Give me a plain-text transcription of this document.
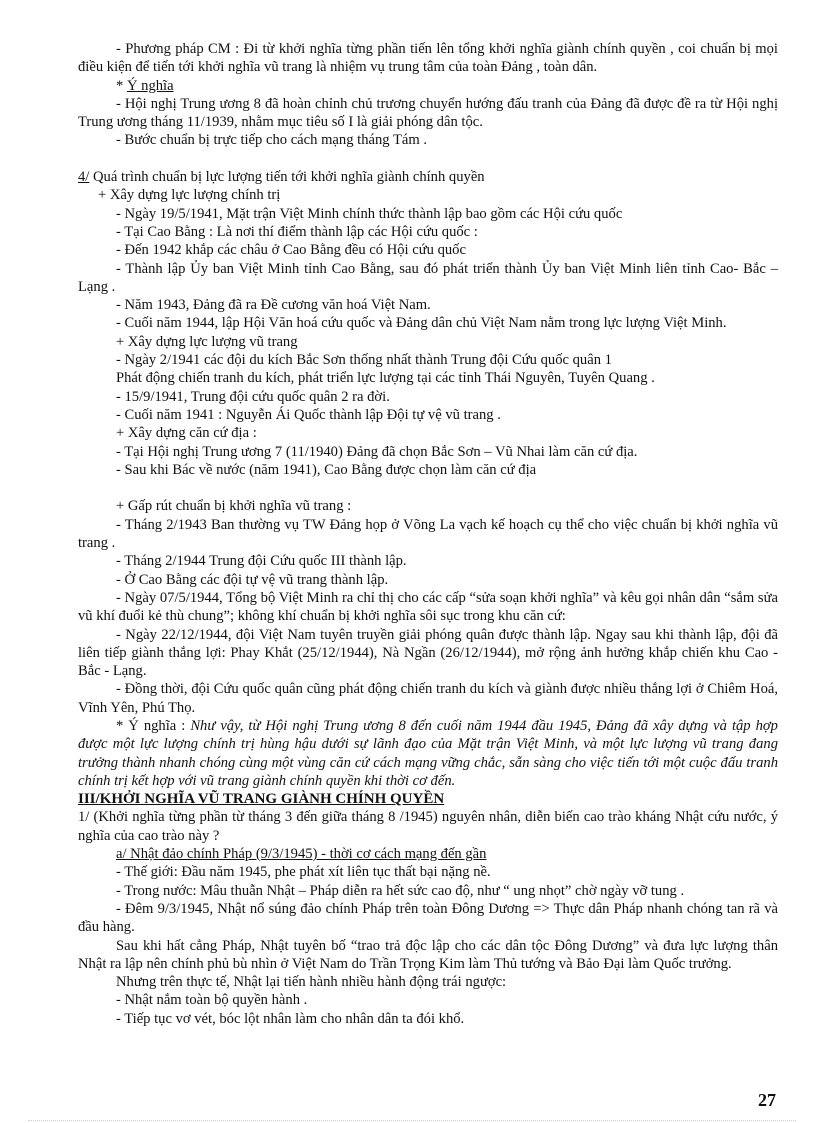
- Phương pháp CM : Đi từ khởi nghĩa từng phần tiến lên tổng khởi nghĩa giành chính quyền , coi chuẩn bị mọi điều kiện để tiến tới khởi nghĩa vũ trang là nhiệm vụ trung tâm của toàn Đảng , toàn dân.

* Ý nghĩa

- Hội nghị Trung ương 8 đã hoàn chỉnh chủ trương chuyển hướng đấu tranh của Đảng đã được đề ra từ Hội nghị Trung ương tháng 11/1939, nhằm mục tiêu số I là giải phóng dân tộc.

- Bước chuẩn bị trực tiếp cho cách mạng tháng Tám .

4/ Quá trình chuẩn bị lực lượng tiến tới khởi nghĩa giành chính quyền

+ Xây dựng lực lượng chính trị

- Ngày 19/5/1941, Mặt trận Việt Minh chính thức thành lập bao gồm các Hội cứu quốc

- Tại Cao Bằng : Là nơi thí điểm thành lập các Hội cứu quốc :

- Đến 1942 khắp các châu ở Cao Bằng đều có Hội cứu quốc

- Thành lập Ủy ban Việt Minh tỉnh Cao Bằng, sau đó phát triển thành Ủy ban Việt Minh liên tỉnh Cao- Bắc – Lạng .

- Năm 1943, Đảng đã ra Đề cương văn hoá Việt Nam.

- Cuối năm 1944, lập Hội Văn hoá cứu quốc và Đảng dân chủ Việt Nam nằm trong lực lượng Việt Minh.

+ Xây dựng lực lượng vũ trang

- Ngày 2/1941 các đội du kích Bắc Sơn thống nhất thành Trung đội Cứu quốc quân 1

Phát động chiến tranh du kích, phát triển lực lượng tại các tỉnh Thái Nguyên, Tuyên Quang .

- 15/9/1941, Trung đội cứu quốc quân 2 ra đời.

- Cuối năm 1941 : Nguyễn Ái Quốc thành lập Đội tự vệ vũ trang .

+ Xây dựng căn cứ địa :

- Tại Hội nghị Trung ương 7 (11/1940) Đảng đã chọn Bắc Sơn – Vũ Nhai làm căn cứ địa.

- Sau khi Bác về nước (năm 1941), Cao Bằng được chọn làm căn cứ địa

+ Gấp rút chuẩn bị khởi nghĩa vũ trang :

- Tháng 2/1943 Ban thường vụ TW Đảng họp ở Võng La vạch kế hoạch cụ thể cho việc chuẩn bị khởi nghĩa vũ trang .

- Tháng 2/1944 Trung đội Cứu quốc III thành lập.

- Ở Cao Bằng các đội tự vệ vũ trang thành lập.

- Ngày 07/5/1944, Tổng bộ Việt Minh ra chỉ thị cho các cấp “sửa soạn khởi nghĩa” và kêu gọi nhân dân “sắm sửa vũ khí đuổi kẻ thù chung”; không khí chuẩn bị khởi nghĩa sôi sục trong khu căn cứ:

- Ngày 22/12/1944, đội Việt Nam tuyên truyền giải phóng quân được thành lập. Ngay sau khi thành lập, đội đã liên tiếp giành thắng lợi: Phay Khắt (25/12/1944), Nà Ngần (26/12/1944), mở rộng ảnh hưởng khắp chiến khu Cao - Bắc - Lạng.

- Đồng thời, đội Cứu quốc quân cũng phát động chiến tranh du kích và giành được nhiều thắng lợi ở Chiêm Hoá, Vĩnh Yên, Phú Thọ.

* Ý nghĩa : Như vậy, từ Hội nghị Trung ương 8 đến cuối năm 1944 đầu 1945, Đảng đã xây dựng và tập hợp được một lực lượng chính trị hùng hậu dưới sự lãnh đạo của Mặt trận Việt Minh, và một lực lượng vũ trang đang trưởng thành nhanh chóng cùng một vùng căn cứ cách mạng vững chắc, sẵn sàng cho việc tiến tới một cuộc đấu tranh chính trị kết hợp với vũ trang giành chính quyền khi thời cơ đến.

III/KHỞI NGHĨA VŨ TRANG GIÀNH CHÍNH QUYỀN

1/ (Khởi nghĩa từng phần từ tháng 3 đến giữa tháng 8 /1945) nguyên nhân, diễn biến cao trào kháng Nhật cứu nước, ý nghĩa của cao trào này ?

a/ Nhật đảo chính Pháp (9/3/1945) - thời cơ cách mạng đến gần

- Thế giới: Đầu năm 1945, phe phát xít liên tục thất bại nặng nề.

- Trong nước: Mâu thuẫn Nhật – Pháp diễn ra hết sức cao độ, như “ ung nhọt” chờ ngày vỡ tung .

- Đêm 9/3/1945, Nhật nổ súng đảo chính Pháp trên toàn Đông Dương => Thực dân Pháp nhanh chóng tan rã và đầu hàng.

Sau khi hất cẳng Pháp, Nhật tuyên bố “trao trả độc lập cho các dân tộc Đông Dương” và đưa lực lượng thân Nhật ra lập nên chính phủ bù nhìn ở Việt Nam do Trần Trọng Kim làm Thủ tướng và Bảo Đại làm Quốc trưởng.

Nhưng trên thực tế, Nhật lại tiến hành nhiều hành động trái ngược:

- Nhật nắm toàn bộ quyền hành .

- Tiếp tục vơ vét, bóc lột nhân làm cho nhân dân ta đói khổ.

27
